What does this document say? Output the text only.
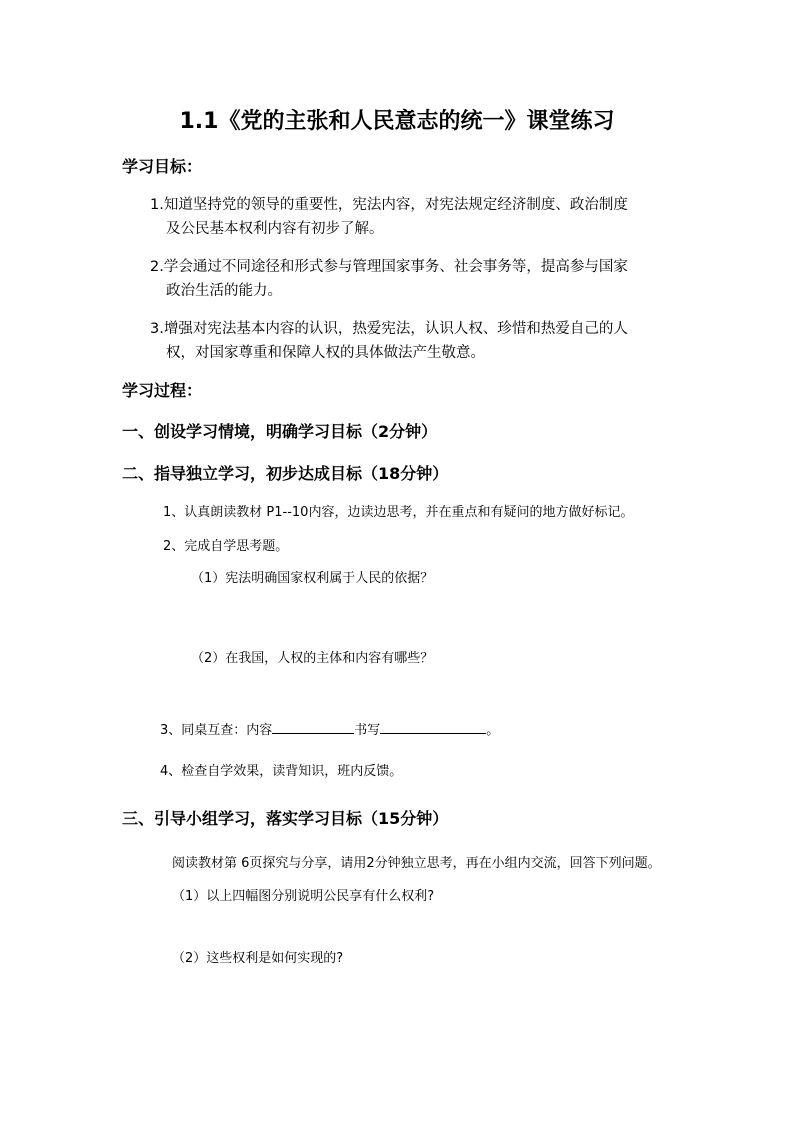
1.1《党的主张和人民意志的统一》课堂练习
学习目标：
1.知道坚持党的领导的重要性，宪法内容，对宪法规定经济制度、政治制度
及公民基本权利内容有初步了解。
2.学会通过不同途径和形式参与管理国家事务、社会事务等，提高参与国家
政治生活的能力。
3.增强对宪法基本内容的认识，热爱宪法，认识人权、珍惜和热爱自己的人
权，对国家尊重和保障人权的具体做法产生敬意。
学习过程：
一、创设学习情境，明确学习目标（2分钟）
二、指导独立学习，初步达成目标（18分钟）
1、认真朗读教材 P1--10内容，边读边思考，并在重点和有疑问的地方做好标记。
2、完成自学思考题。
（1）宪法明确国家权利属于人民的依据？
（2）在我国，人权的主体和内容有哪些？
3、同桌互查：内容	书写	。
4、检查自学效果，读背知识，班内反馈。
三、引导小组学习，落实学习目标（15分钟）
阅读教材第 6页探究与分享，请用2分钟独立思考，再在小组内交流，回答下列问题。
（1）以上四幅图分别说明公民享有什么权利?
（2）这些权利是如何实现的?
